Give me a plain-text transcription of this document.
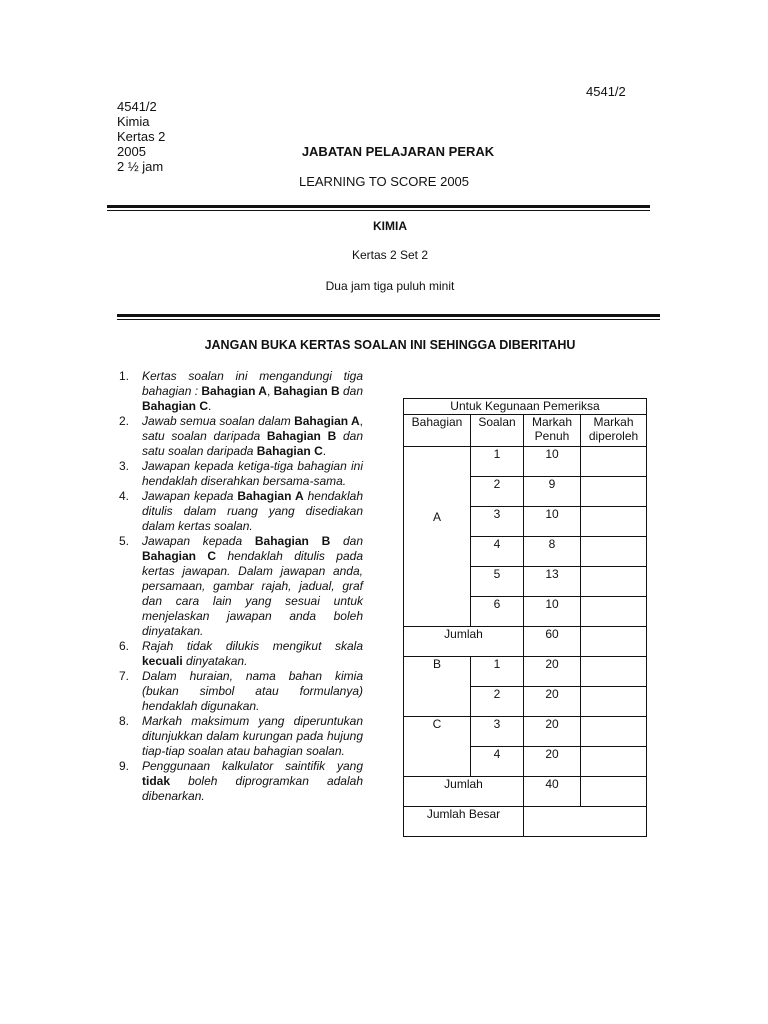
4541/2
4541/2
Kimia
Kertas 2
2005
2 ½ jam
JABATAN PELAJARAN PERAK
LEARNING TO SCORE 2005
KIMIA
Kertas 2 Set 2
Dua jam tiga puluh minit
JANGAN BUKA KERTAS SOALAN INI SEHINGGA DIBERITAHU
1.	Kertas soalan ini mengandungi tiga bahagian : Bahagian A, Bahagian B dan Bahagian C.
2.	Jawab semua soalan dalam Bahagian A, satu soalan daripada Bahagian B dan satu soalan daripada Bahagian C.
3.	Jawapan kepada ketiga-tiga bahagian ini hendaklah diserahkan bersama-sama.
4.	Jawapan kepada Bahagian A hendaklah ditulis dalam ruang yang disediakan dalam kertas soalan.
5.	Jawapan kepada Bahagian B dan Bahagian C hendaklah ditulis pada kertas jawapan. Dalam jawapan anda, persamaan, gambar rajah, jadual, graf dan cara lain yang sesuai untuk menjelaskan jawapan anda boleh dinyatakan.
6.	Rajah tidak dilukis mengikut skala kecuali dinyatakan.
7.	Dalam huraian, nama bahan kimia (bukan simbol atau formulanya) hendaklah digunakan.
8.	Markah maksimum yang diperuntukan ditunjukkan dalam kurungan pada hujung tiap-tiap soalan atau bahagian soalan.
9.	Penggunaan kalkulator saintifik yang tidak boleh diprogramkan adalah dibenarkan.
Untuk Kegunaan Pemeriksa			
Bahagian	Soalan	Markah Penuh	Markah diperoleh
A	1	10	
	2	9	
	3	10	
	4	8	
	5	13	
	6	10	
Jumlah		60	
B	1	20	
	2	20	
C	3	20	
	4	20	
Jumlah		40	
Jumlah Besar			
